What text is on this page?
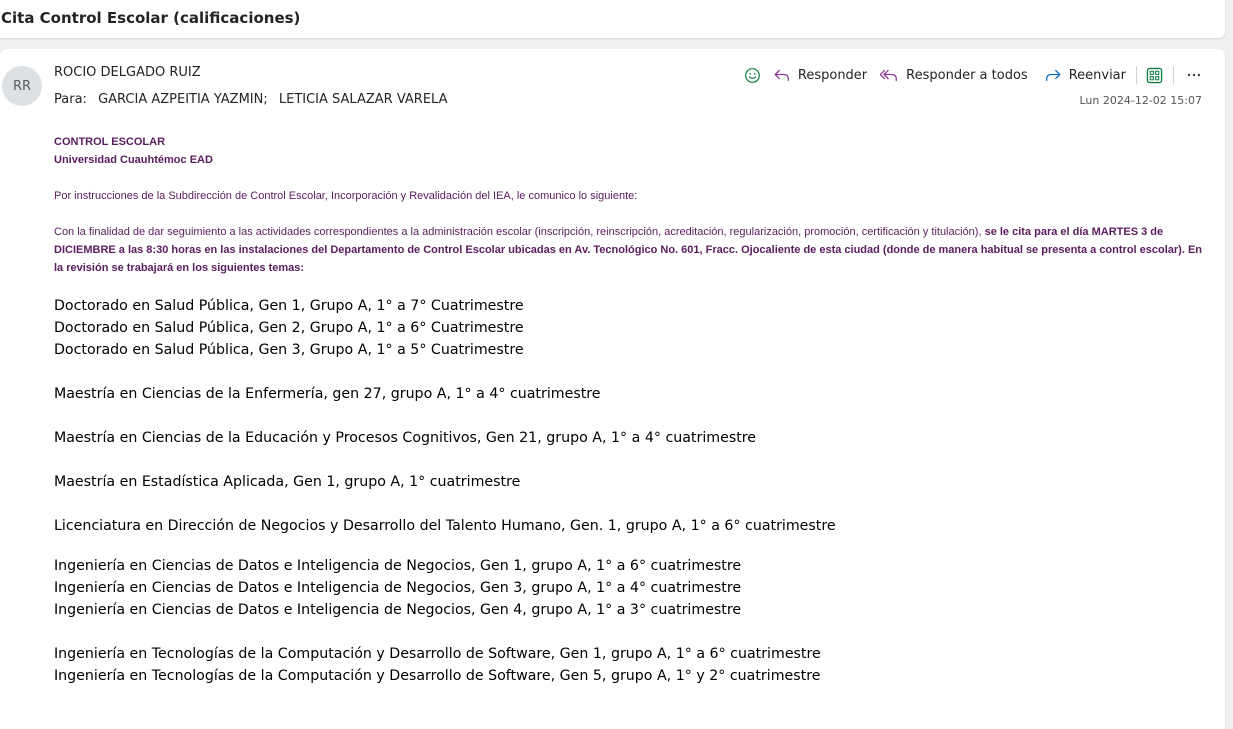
Cita Control Escolar (calificaciones)
RR
ROCIO DELGADO RUIZ
Para: GARCIA AZPEITIA YAZMIN; LETICIA SALAZAR VARELA
Responder	Responder a todos	Reenviar
Lun 2024-12-02 15:07

CONTROL ESCOLAR

Universidad Cuauhtémoc EAD

Por instrucciones de la Subdirección de Control Escolar, Incorporación y Revalidación del IEA, le comunico lo siguiente:

Con la finalidad de dar seguimiento a las actividades correspondientes a la administración escolar (inscripción, reinscripción, acreditación, regularización, promoción, certificación y titulación), se le cita para el día MARTES 3 de DICIEMBRE a las 8:30 horas en las instalaciones del Departamento de Control Escolar ubicadas en Av. Tecnológico No. 601, Fracc. Ojocaliente de esta ciudad (donde de manera habitual se presenta a control escolar). En la revisión se trabajará en los siguientes temas:

Doctorado en Salud Pública, Gen 1, Grupo A, 1° a 7° Cuatrimestre
Doctorado en Salud Pública, Gen 2, Grupo A, 1° a 6° Cuatrimestre
Doctorado en Salud Pública, Gen 3, Grupo A, 1° a 5° Cuatrimestre
Maestría en Ciencias de la Enfermería, gen 27, grupo A, 1° a 4° cuatrimestre
Maestría en Ciencias de la Educación y Procesos Cognitivos, Gen 21, grupo A, 1° a 4° cuatrimestre
Maestría en Estadística Aplicada, Gen 1, grupo A, 1° cuatrimestre
Licenciatura en Dirección de Negocios y Desarrollo del Talento Humano, Gen. 1, grupo A, 1° a 6° cuatrimestre
Ingeniería en Ciencias de Datos e Inteligencia de Negocios, Gen 1, grupo A, 1° a 6° cuatrimestre
Ingeniería en Ciencias de Datos e Inteligencia de Negocios, Gen 3, grupo A, 1° a 4° cuatrimestre
Ingeniería en Ciencias de Datos e Inteligencia de Negocios, Gen 4, grupo A, 1° a 3° cuatrimestre
Ingeniería en Tecnologías de la Computación y Desarrollo de Software, Gen 1, grupo A, 1° a 6° cuatrimestre
Ingeniería en Tecnologías de la Computación y Desarrollo de Software, Gen 5, grupo A, 1° y 2° cuatrimestre
